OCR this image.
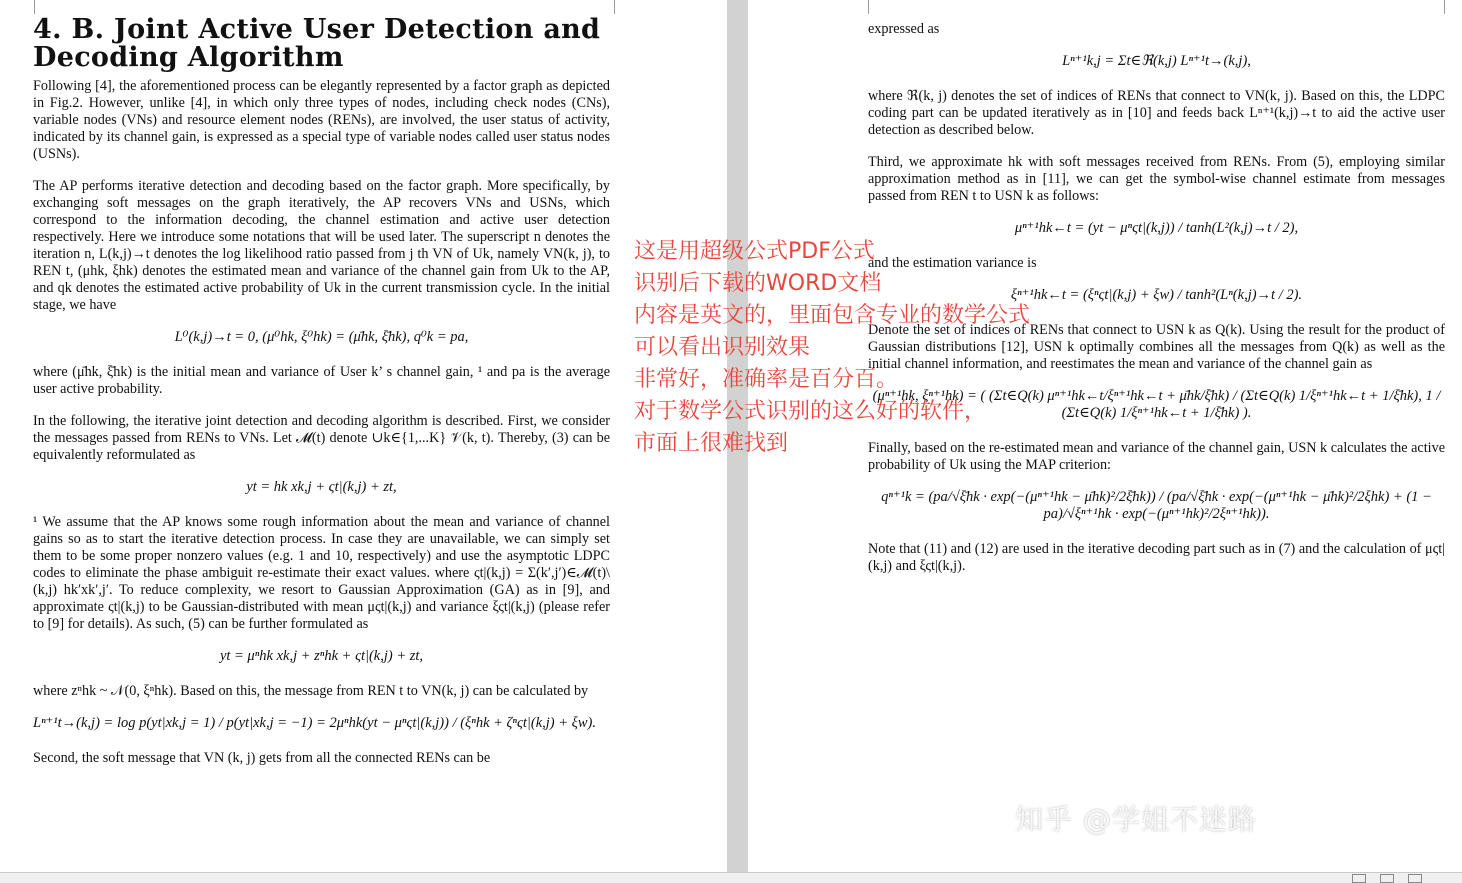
4. B. Joint Active User Detection and Decoding Algorithm

Following [4], the aforementioned process can be elegantly represented by a factor graph as depicted in Fig.2. However, unlike [4], in which only three types of nodes, including check nodes (CNs), variable nodes (VNs) and resource element nodes (RENs), are involved, the user status of activity, indicated by its channel gain, is expressed as a special type of variable nodes called user status nodes (USNs).

The AP performs iterative detection and decoding based on the factor graph. More specifically, by exchanging soft messages on the graph iteratively, the AP recovers VNs and USNs, which correspond to the information decoding, the channel estimation and active user detection respectively. Here we introduce some notations that will be used later. The superscript n denotes the iteration n, L(k,j)→t denotes the log likelihood ratio passed from j th VN of Uk, namely VN(k, j), to REN t, (μhk, ξhk) denotes the estimated mean and variance of the channel gain from Uk to the AP, and qk denotes the estimated active probability of Uk in the current transmission cycle. In the initial stage, we have

L⁰(k,j)→t = 0, (μ⁰hk, ξ⁰hk) = (μ̄hk, ξ̄hk), q⁰k = pa,

where (μ̄hk, ξ̄hk) is the initial mean and variance of User k’ s channel gain, ¹ and pa is the average user active probability.

In the following, the iterative joint detection and decoding algorithm is described. First, we consider the messages passed from RENs to VNs. Let 𝓜(t) denote ∪k∈{1,...K} 𝒱(k, t). Thereby, (3) can be equivalently reformulated as

yt = hk xk,j + ςt|(k,j) + zt,

¹ We assume that the AP knows some rough information about the mean and variance of channel gains so as to start the iterative detection process. In case they are unavailable, we can simply set them to be some proper nonzero values (e.g. 1 and 10, respectively) and use the asymptotic LDPC codes to eliminate the phase ambiguit re-estimate their exact values. where ςt|(k,j) = Σ(k′,j′)∈𝓜(t)\(k,j) hk′xk′,j′. To reduce complexity, we resort to Gaussian Approximation (GA) as in [9], and approximate ςt|(k,j) to be Gaussian-distributed with mean μςt|(k,j) and variance ξςt|(k,j) (please refer to [9] for details). As such, (5) can be further formulated as

yt = μⁿhk xk,j + zⁿhk + ςt|(k,j) + zt,

where zⁿhk ~ 𝒩(0, ξⁿhk). Based on this, the message from REN t to VN(k, j) can be calculated by

Lⁿ⁺¹t→(k,j) = log p(yt|xk,j = 1) / p(yt|xk,j = −1) = 2μⁿhk(yt − μⁿςt|(k,j)) / (ξⁿhk + ζⁿςt|(k,j) + ξw).

Second, the soft message that VN (k, j) gets from all the connected RENs can be

expressed as

Lⁿ⁺¹k,j = Σt∈ℜ(k,j) Lⁿ⁺¹t→(k,j),

where ℜ(k, j) denotes the set of indices of RENs that connect to VN(k, j). Based on this, the LDPC coding part can be updated iteratively as in [10] and feeds back Lⁿ⁺¹(k,j)→t to aid the active user detection as described below.

Third, we approximate hk with soft messages received from RENs. From (5), employing similar approximation method as in [11], we can get the symbol-wise channel estimate from messages passed from REN t to USN k as follows:

μⁿ⁺¹hk←t = (yt − μⁿςt|(k,j)) / tanh(L²(k,j)→t / 2),

and the estimation variance is

ξⁿ⁺¹hk←t = (ξⁿςt|(k,j) + ξw) / tanh²(Lⁿ(k,j)→t / 2).

Denote the set of indices of RENs that connect to USN k as Q(k). Using the result for the product of Gaussian distributions [12], USN k optimally combines all the messages from Q(k) as well as the initial channel information, and reestimates the mean and variance of the channel gain as

(μⁿ⁺¹hk, ξⁿ⁺¹hk) = ( (Σt∈Q(k) μⁿ⁺¹hk←t/ξⁿ⁺¹hk←t + μ̄hk/ξ̄hk) / (Σt∈Q(k) 1/ξⁿ⁺¹hk←t + 1/ξ̄hk), 1 / (Σt∈Q(k) 1/ξⁿ⁺¹hk←t + 1/ξ̄hk) ).

Finally, based on the re-estimated mean and variance of the channel gain, USN k calculates the active probability of Uk using the MAP criterion:

qⁿ⁺¹k = (pa/√ξ̄hk · exp(−(μⁿ⁺¹hk − μ̄hk)²/2ξ̄hk)) / (pa/√ξ̄hk · exp(−(μⁿ⁺¹hk − μ̄hk)²/2ξhk) + (1 − pa)/√ξⁿ⁺¹hk · exp(−(μⁿ⁺¹hk)²/2ξⁿ⁺¹hk)).

Note that (11) and (12) are used in the iterative decoding part such as in (7) and the calculation of μςt|(k,j) and ξςt|(k,j).

这是用超级公式PDF公式
识别后下载的WORD文档
内容是英文的，里面包含专业的数学公式
可以看出识别效果
非常好，准确率是百分百。
对于数学公式识别的这么好的软件，
市面上很难找到
知乎 @学姐不迷路
